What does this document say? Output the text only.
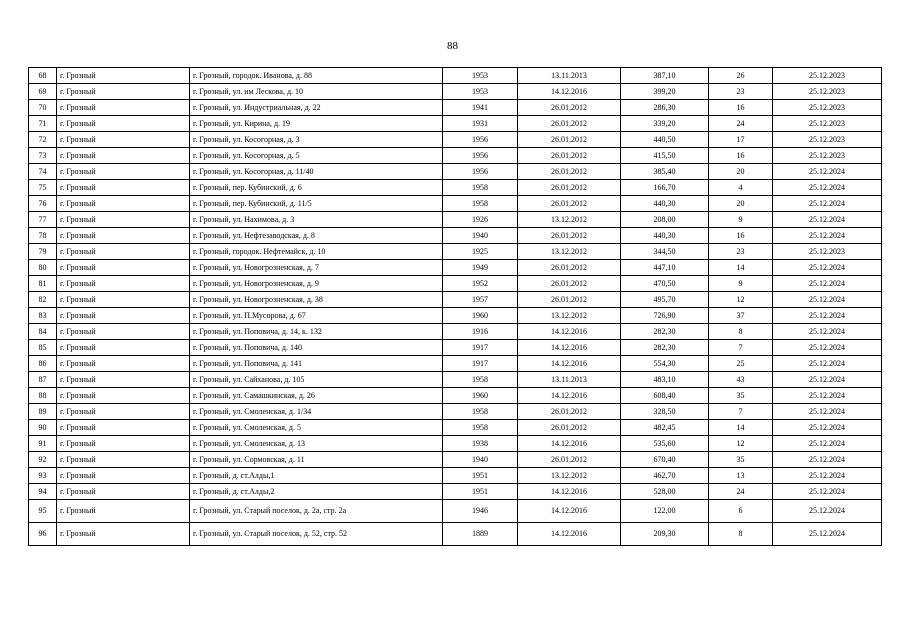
88
68	г. Грозный	г. Грозный, городок. Иванова, д. 88	1953	13.11.2013	387,10	26	25.12.2023
69	г. Грозный	г. Грозный, ул. им Лескова, д. 10	1953	14.12.2016	399,20	23	25.12.2023
70	г. Грозный	г. Грозный, ул. Индустриальная, д. 22	1941	26.01.2012	286,30	16	25.12.2023
71	г. Грозный	г. Грозный, ул. Кирина, д. 19	1931	26.01.2012	339,20	24	25.12.2023
72	г. Грозный	г. Грозный, ул. Косогорная, д. 3	1956	26.01.2012	440,50	17	25.12.2023
73	г. Грозный	г. Грозный, ул. Косогорная, д. 5	1956	26.01.2012	415,50	16	25.12.2023
74	г. Грозный	г. Грозный, ул. Косогорная, д. 11/40	1956	26.01.2012	385,40	20	25.12.2024
75	г. Грозный	г. Грозный, пер. Кубинский, д. 6	1958	26.01.2012	166,70	4	25.12.2024
76	г. Грозный	г. Грозный, пер. Кубинский, д. 11/5	1958	26.01.2012	440,30	20	25.12.2024
77	г. Грозный	г. Грозный, ул. Нахимова, д. 3	1926	13.12.2012	208,00	9	25.12.2024
78	г. Грозный	г. Грозный, ул. Нефтезаводская, д. 8	1940	26.01.2012	440,30	16	25.12.2024
79	г. Грозный	г. Грозный, городок. Нефтемайск, д. 10	1925	13.12.2012	344,50	23	25.12.2023
80	г. Грозный	г. Грозный, ул. Новогрозненская, д. 7	1949	26.01.2012	447,10	14	25.12.2024
81	г. Грозный	г. Грозный, ул. Новогрозненская, д. 9	1952	26.01.2012	470,50	9	25.12.2024
82	г. Грозный	г. Грозный, ул. Новогрозненская, д. 38	1957	26.01.2012	495,70	12	25.12.2024
83	г. Грозный	г. Грозный, ул. П.Мусорова, д. 67	1960	13.12.2012	726,90	37	25.12.2024
84	г. Грозный	г. Грозный, ул. Поповича, д. 14, к. 132	1916	14.12.2016	282,30	8	25.12.2024
85	г. Грозный	г. Грозный, ул. Поповича, д. 140	1917	14.12.2016	282,30	7	25.12.2024
86	г. Грозный	г. Грозный, ул. Поповича, д. 141	1917	14.12.2016	554,30	25	25.12.2024
87	г. Грозный	г. Грозный, ул. Сайханова, д. 105	1958	13.11.2013	483,10	43	25.12.2024
88	г. Грозный	г. Грозный, ул. Самашкинская, д. 26	1960	14.12.2016	608,40	35	25.12.2024
89	г. Грозный	г. Грозный, ул. Смоленская, д. 1/34	1958	26.01.2012	328,50	7	25.12.2024
90	г. Грозный	г. Грозный, ул. Смоленская, д. 5	1958	26.01.2012	482,45	14	25.12.2024
91	г. Грозный	г. Грозный, ул. Смоленская, д. 13	1938	14.12.2016	535,60	12	25.12.2024
92	г. Грозный	г. Грозный, ул. Сормовская, д. 11	1940	26.01.2012	670,40	35	25.12.2024
93	г. Грозный	г. Грозный, д. ст.Алды,1	1951	13.12.2012	462,70	13	25.12.2024
94	г. Грозный	г. Грозный, д. ст.Алды,2	1951	14.12.2016	528,00	24	25.12.2024
95	г. Грозный	г. Грозный, ул. Старый поселок, д. 2а, стр. 2а	1946	14.12.2016	122,00	6	25.12.2024
96	г. Грозный	г. Грозный, ул. Старый поселок, д. 52, стр. 52	1889	14.12.2016	209,30	8	25.12.2024
